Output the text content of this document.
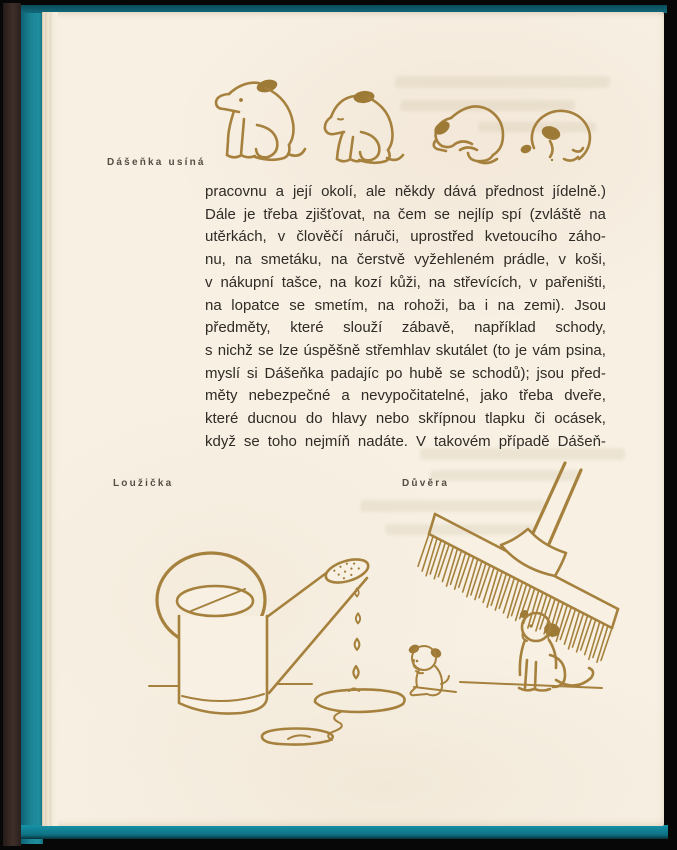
Dášeňka usíná
pracovnu a její okolí, ale někdy dává přednost jídelně.)
Dále je třeba zjišťovat, na čem se nejlíp spí (zvláště na
utěrkách, v člověčí náruči, uprostřed kvetoucího záho-
nu, na smetáku, na čerstvě vyžehleném prádle, v koši,
v nákupní tašce, na kozí kůži, na střevících, v pařeništi,
na lopatce se smetím, na rohoži, ba i na zemi). Jsou
předměty, které slouží zábavě, například schody,
s nichž se lze úspěšně střemhlav skutálet (to je vám psina,
myslí si Dášeňka padajíc po hubě se schodů); jsou před-
měty nebezpečné a nevypočitatelné, jako třeba dveře,
které ducnou do hlavy nebo skřípnou tlapku či ocásek,
když se toho nejmíň nadáte. V takovém případě Dášeň-
Loužička	Důvěra
